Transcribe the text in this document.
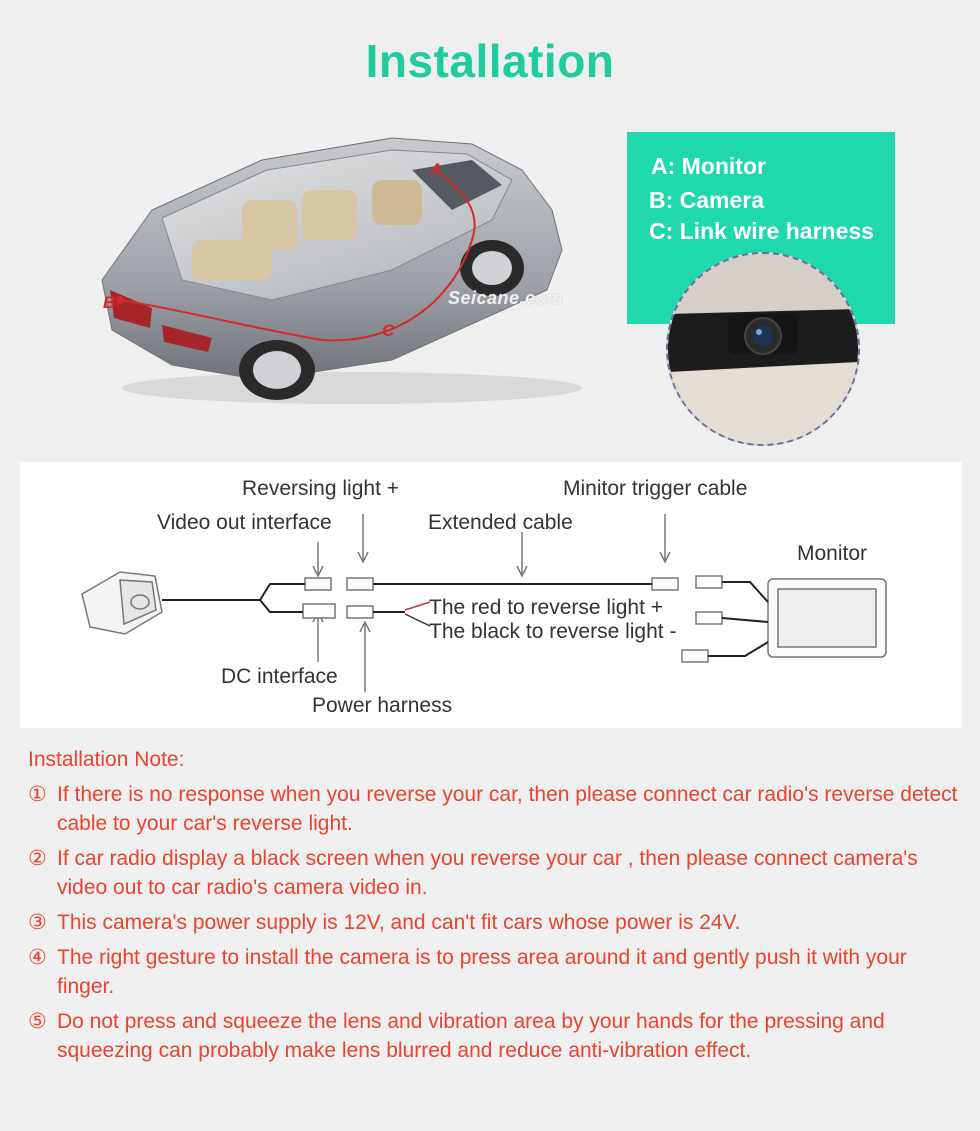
Installation
A
B
C
Seicane.com
A: Monitor
B: Camera
C: Link wire harness
Reversing light +	Minitor trigger cable
Video out interface	Extended cable
Monitor
The red to reverse light +
The black to reverse light -
DC interface
Power harness
Installation Note:
① If there is no response when you reverse your car, then please connect car radio's reverse detect cable to your car's reverse light.
② If car radio display a black screen when you reverse your car , then please connect camera's video out to car radio's camera video in.
③ This camera's power supply is 12V, and can't fit cars whose power is 24V.
④ The right gesture to install the camera is to press area around it and gently push it with your finger.
⑤ Do not press and squeeze the lens and vibration area by your hands for the pressing and squeezing can probably make lens blurred and reduce anti-vibration effect.
